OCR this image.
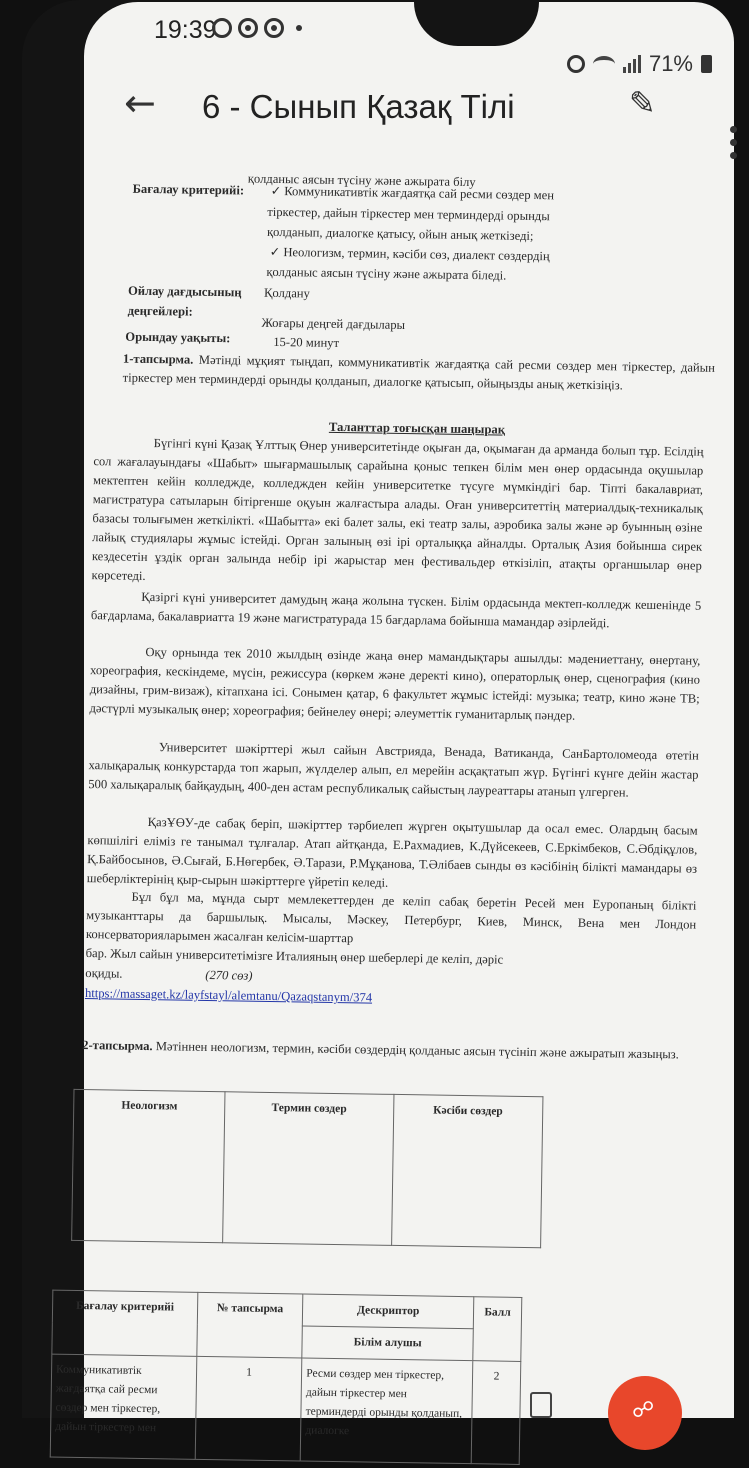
19:39
71%
← 6 - Сынып Қазақ Тілі	✎
қолданыс аясын түсіну және ажырата білу
Бағалау критерийі: ✓ Коммуникативтік жағдаятқа сай ресми сөздер мен
тіркестер, дайын тіркестер мен терминдерді орынды
қолданып, диалогке қатысу, ойын анық жеткізеді;
✓ Неологизм, термин, кәсіби сөз, диалект сөздердің
қолданыс аясын түсіну және ажырата біледі.
Ойлау дағдысының Қолдану
деңгейлері:
Жоғары деңгей дағдылары
Орындау уақыты:	15-20 минут
1-тапсырма. Мәтінді мұқият тыңдап, коммуникативтік жағдаятқа сай ресми сөздер мен тіркестер, дайын тіркестер мен терминдерді орынды қолданып, диалогке қатысып, ойыңызды анық жеткізіңіз.
Таланттар тоғысқан шаңырақ
Бүгінгі күні Қазақ Ұлттық Өнер университетінде оқыған да, оқымаған да армандa болып тұр. Есілдің сол жағалауындағы «Шабыт» шығармашылық сарайына қоныс тепкен білім мен өнер ордасында оқушылар мектептен кейін колледжде, колледжден кейін университетке түсуге мүмкіндігі бар. Тіпті бакалавриат, магистратура сатыларын бітіргенше оқуын жалғастыра алады. Оған университеттің материалдық-техникалық базасы толығымен жеткілікті. «Шабытта» екі балет залы, екі театр залы, аэробика залы және әр буынның өзіне лайық студиялары жұмыс істейді. Орган залының өзі ірі орталыққа айналды. Орталық Азия бойынша сирек кездесетін ұздік орган залында небір ірі жарыстар мен фестивальдер өткізіліп, атақты органшылар өнер көрсетеді.
Қазіргі күні университет дамудың жаңа жолына түскен. Білім ордасында мектеп-колледж кешенінде 5 бағдарлама, бакалавриатта 19 және магистратурада 15 бағдарлама бойынша мамандар әзірлейді.
Оқу орнында тек 2010 жылдың өзінде жаңа өнер мамандықтары ашылды: мәдениеттану, өнертану, хореография, кескіндеме, мүсін, режиссура (көркем және деректі кино), операторлық өнер, сценография (кинo дизайны, грим-визаж), кітапхана ісі. Сонымен қатар, 6 факультет жұмыс істейді: музыка; театр, кино және ТВ; дәстүрлі музыкалық өнер; хореография; бейнелеу өнері; әлеуметтік гуманитарлық пәндер.
Университет шәкірттері жыл сайын Австрияда, Венада, Ватиканда, СанБартоломеода өтетін халықаралық конкурстарда топ жарып, жүлделер алып, ел мерейін асқақтатып жүр. Бүгінгі күнге дейін жастар 500 халықаралық байқаудың, 400-ден астам республикалық сайыстың лауреаттары атанып үлгерген.
ҚазҰӨУ-де сабақ беріп, шәкірттер тәрбиелеп жүрген оқытушылар да осал емес. Олардың басым көпшілігі еліміз ге танымал тұлғалар. Атап айтқанда, Е.Рахмадиев, К.Дүйсекеев, С.Еркімбеков, С.Әбдіқұлов, Қ.Байбосынов, Ә.Сығай, Б.Нөгербек, Ә.Тарази, Р.Мұқанова, Т.Әлібаев сынды өз кәсібінің білікті мамандары өз шеберліктерінің қыр-сырын шәкірттерге үйретіп келеді.
Бұл бұл ма, мұнда сырт мемлекеттерден де келіп сабақ беретін Ресей мен Еуропаның білікті музыканттары да баршылық. Мысалы, Мәскеу, Петербург, Киев, Минск, Вена мен Лондон консерваторияларымен жасалған келісім-шарттар
бар. Жыл сайын университетімізге Италияның өнер шеберлері де келіп, дәріс
оқиды.	(270 сөз)
https://massaget.kz/layfstayl/alemtanu/Qazaqstanym/374
2-тапсырма. Мәтіннен неологизм, термин, кәсіби сөздердің қолданыс аясын түсініп және ажыратып жазыңыз.
Неологизм	Термин сөздер	Кәсіби сөздер
Бағалау критерийі	№ тапсырма	Дескриптор	Балл
		Білім алушы	
Коммуникативтік жағдаятқа сай ресми сөздер мен тіркестер, дайын тіркестер мен	1	Ресми сөздер мен тіркестер, дайын тіркестер мен терминдерді орынды қолданып, диалогке	2
☍
